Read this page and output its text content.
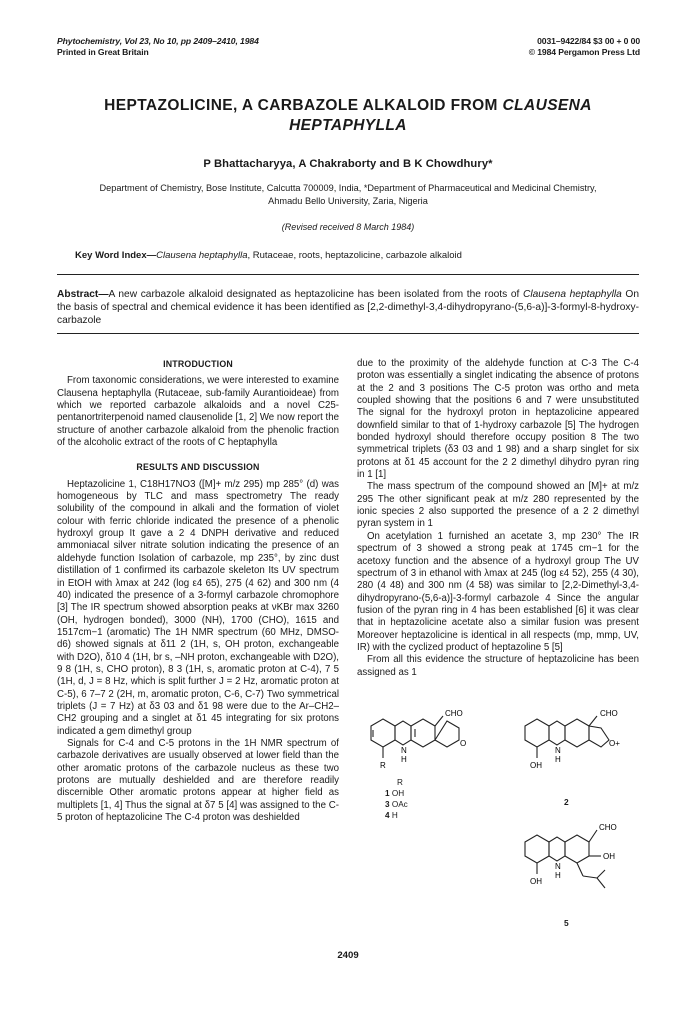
Phytochemistry, Vol 23, No 10, pp 2409–2410, 1984
Printed in Great Britain
0031–9422/84 $3 00 + 0 00
© 1984 Pergamon Press Ltd
HEPTAZOLICINE, A CARBAZOLE ALKALOID FROM CLAUSENA
HEPTAPHYLLA
P Bhattacharyya, A Chakraborty and B K Chowdhury*
Department of Chemistry, Bose Institute, Calcutta 700009, India, *Department of Pharmaceutical and Medicinal Chemistry,
Ahmadu Bello University, Zaria, Nigeria
(Revised received 8 March 1984)
Key Word Index—Clausena heptaphylla, Rutaceae, roots, heptazolicine, carbazole alkaloid
Abstract—A new carbazole alkaloid designated as heptazolicine has been isolated from the roots of Clausena heptaphylla On the basis of spectral and chemical evidence it has been identified as [2,2-dimethyl-3,4-dihydropyrano-(5,6-a)]-3-formyl-8-hydroxy-carbazole
INTRODUCTION

From taxonomic considerations, we were interested to examine Clausena heptaphylla (Rutaceae, sub-family Aurantioideae) from which we reported carbazole alkaloids and a novel C25-pentanortriterpenoid named clausenolide [1, 2] We now report the structure of another carbazole alkaloid from the phenolic fraction of the alcoholic extract of the roots of C heptaphylla

RESULTS AND DISCUSSION

Heptazolicine 1, C18H17NO3 ([M]+ m/z 295) mp 285° (d) was homogeneous by TLC and mass spectrometry The ready solubility of the compound in alkali and the formation of violet colour with ferric chloride indicated the presence of a phenolic hydroxyl group It gave a 2 4 DNPH derivative and reduced ammoniacal silver nitrate solution indicating the presence of an aldehyde function Isolation of carbazole, mp 235°, by zinc dust distillation of 1 confirmed its carbazole skeleton Its UV spectrum in EtOH with λmax at 242 (log ε4 65), 275 (4 62) and 300 nm (4 40) indicated the presence of a 3-formyl carbazole chromophore [3] The IR spectrum showed absorption peaks at νKBr max 3260 (OH, hydrogen bonded), 3000 (NH), 1700 (CHO), 1615 and 1517cm−1 (aromatic) The 1H NMR spectrum (60 MHz, DMSO-d6) showed signals at δ11 2 (1H, s, OH proton, exchangeable with D2O), δ10 4 (1H, br s, –NH proton, exchangeable with D2O), 9 8 (1H, s, CHO proton), 8 3 (1H, s, aromatic proton at C-4), 7 5 (1H, d, J = 8 Hz, which is split further J = 2 Hz, aromatic proton at C-5), 6 7–7 2 (2H, m, aromatic proton, C-6, C-7) Two symmetrical triplets (J = 7 Hz) at δ3 03 and δ1 98 were due to the Ar–CH2–CH2 grouping and a singlet at δ1 45 integrating for six protons indicated a gem dimethyl group

Signals for C-4 and C-5 protons in the 1H NMR spectrum of carbazole derivatives are usually observed at lower field than the other aromatic protons of the carbazole nucleus as these two protons are mutually deshielded and are therefore readily discernible Other aromatic protons appear at higher field as multiplets [1, 4] Thus the signal at δ7 5 [4] was assigned to the C-5 proton of heptazolicine The C-4 proton was deshielded

due to the proximity of the aldehyde function at C-3 The C-4 proton was essentially a singlet indicating the absence of protons at the 2 and 3 positions The C-5 proton was ortho and meta coupled showing that the positions 6 and 7 were unsubstituted The signal for the hydroxyl proton in heptazolicine appeared downfield similar to that of 1-hydroxy carbazole [5] The hydrogen bonded hydroxyl should therefore occupy position 8 The two symmetrical triplets (δ3 03 and 1 98) and a sharp singlet for six protons at δ1 45 account for the 2 2 dimethyl dihydro pyran ring in 1 [1]

The mass spectrum of the compound showed an [M]+ at m/z 295 The other significant peak at m/z 280 represented by the ionic species 2 also supported the presence of a 2 2 dimethyl pyran system in 1

On acetylation 1 furnished an acetate 3, mp 230° The IR spectrum of 3 showed a strong peak at 1745 cm−1 for the acetoxy function and the absence of a hydroxyl group The UV spectrum of 3 in ethanol with λmax at 245 (log ε4 52), 255 (4 30), 280 (4 48) and 300 nm (4 58) was similar to [2,2-Dimethyl-3,4-dihydropyrano-(5,6-a)]-3-formyl carbazole 4 Since the angular fusion of the pyran ring in 4 has been established [6] it was clear that in heptazolicine acetate also a similar fusion was present Moreover heptazolicine is identical in all respects (mp, mmp, UV, IR) with the cyclized product of heptazoline 5 [5]

From all this evidence the structure of heptazolicine has been assigned as 1

CHO
N
H
O
R
R
1 OH
3 OAc
4 H
CHO
N
H
O+
OH
2
CHO
N
H
OH
OH
5
2409
